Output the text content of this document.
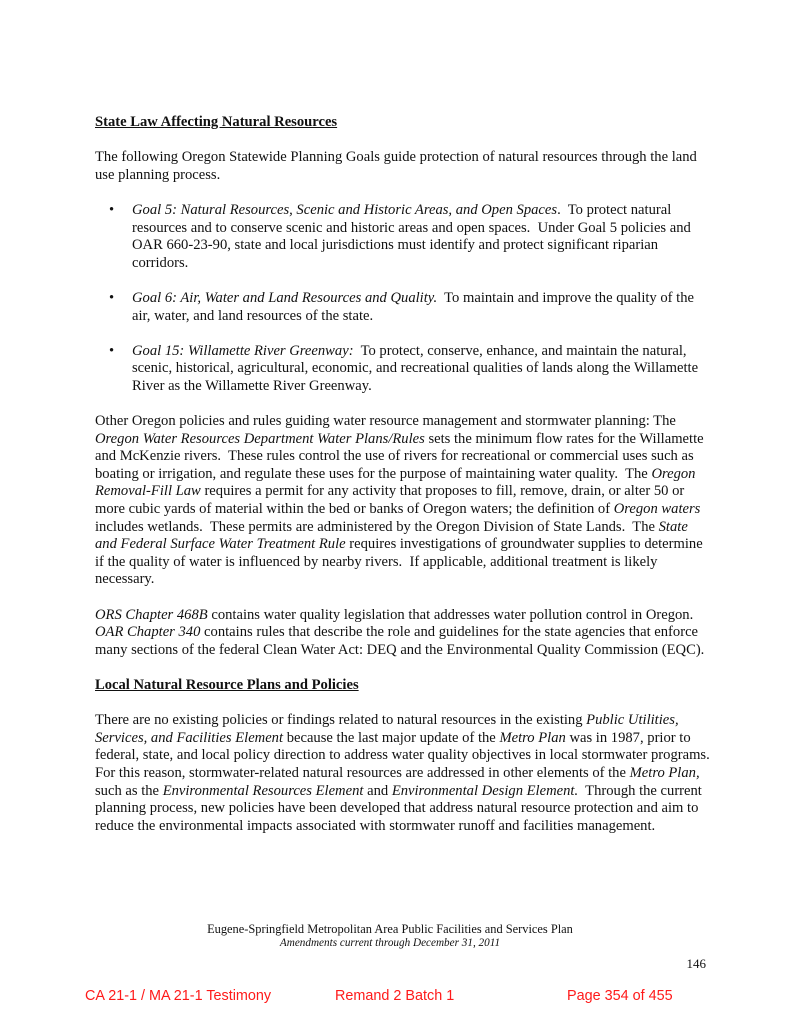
State Law Affecting Natural Resources

The following Oregon Statewide Planning Goals guide protection of natural resources through the land use planning process.

• Goal 5: Natural Resources, Scenic and Historic Areas, and Open Spaces.  To protect natural resources and to conserve scenic and historic areas and open spaces.  Under Goal 5 policies and OAR 660-23-90, state and local jurisdictions must identify and protect significant riparian corridors.
• Goal 6: Air, Water and Land Resources and Quality.  To maintain and improve the quality of the air, water, and land resources of the state.
• Goal 15: Willamette River Greenway:  To protect, conserve, enhance, and maintain the natural, scenic, historical, agricultural, economic, and recreational qualities of lands along the Willamette River as the Willamette River Greenway.

Other Oregon policies and rules guiding water resource management and stormwater planning: The Oregon Water Resources Department Water Plans/Rules sets the minimum flow rates for the Willamette and McKenzie rivers.  These rules control the use of rivers for recreational or commercial uses such as boating or irrigation, and regulate these uses for the purpose of maintaining water quality.  The Oregon Removal-Fill Law requires a permit for any activity that proposes to fill, remove, drain, or alter 50 or more cubic yards of material within the bed or banks of Oregon waters; the definition of Oregon waters includes wetlands.  These permits are administered by the Oregon Division of State Lands.  The State and Federal Surface Water Treatment Rule requires investigations of groundwater supplies to determine if the quality of water is influenced by nearby rivers.  If applicable, additional treatment is likely necessary.

ORS Chapter 468B contains water quality legislation that addresses water pollution control in Oregon.  OAR Chapter 340 contains rules that describe the role and guidelines for the state agencies that enforce many sections of the federal Clean Water Act: DEQ and the Environmental Quality Commission (EQC).

Local Natural Resource Plans and Policies

There are no existing policies or findings related to natural resources in the existing Public Utilities, Services, and Facilities Element because the last major update of the Metro Plan was in 1987, prior to federal, state, and local policy direction to address water quality objectives in local stormwater programs.  For this reason, stormwater-related natural resources are addressed in other elements of the Metro Plan, such as the Environmental Resources Element and Environmental Design Element.  Through the current planning process, new policies have been developed that address natural resource protection and aim to reduce the environmental impacts associated with stormwater runoff and facilities management.

Eugene-Springfield Metropolitan Area Public Facilities and Services Plan
Amendments current through December 31, 2011
146
CA 21-1 / MA 21-1 Testimony	Remand 2 Batch 1	Page 354 of 455
